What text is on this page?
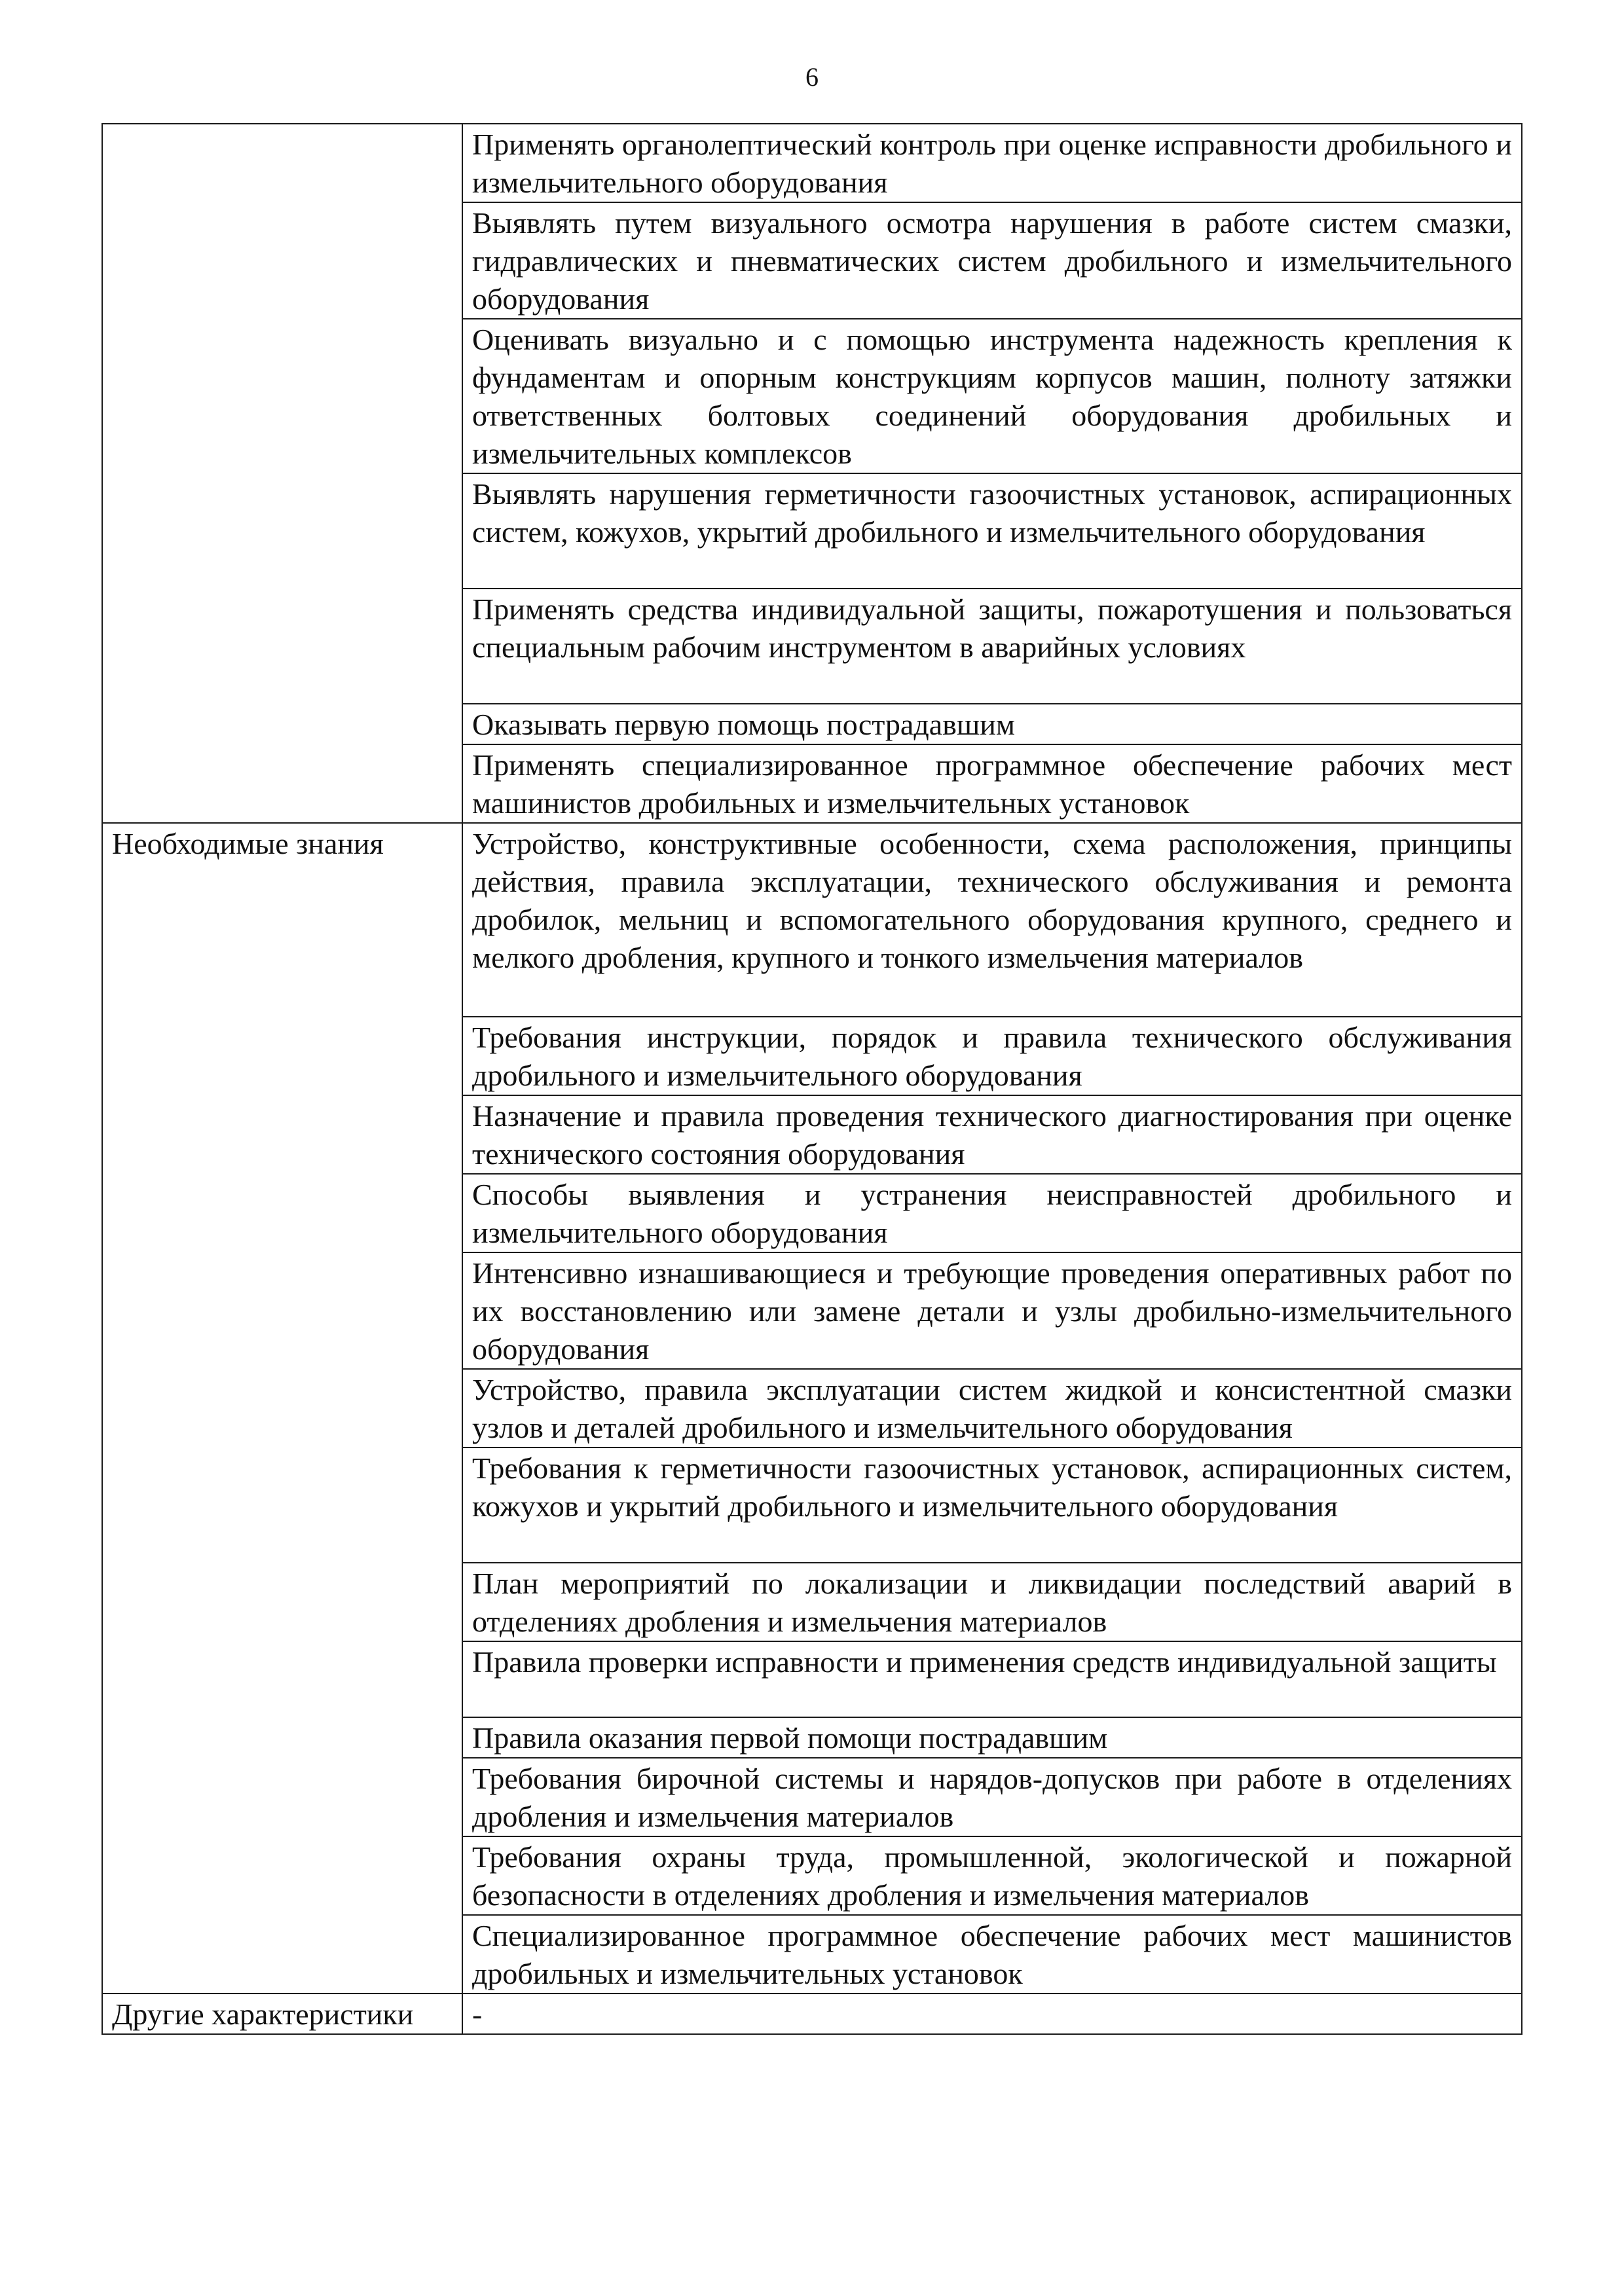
6
	Применять органолептический контроль при оценке исправности дробильного и измельчительного оборудования
	Выявлять путем визуального осмотра нарушения в работе систем смазки, гидравлических и пневматических систем дробильного и измельчительного оборудования
	Оценивать визуально и с помощью инструмента надежность крепления к фундаментам и опорным конструкциям корпусов машин, полноту затяжки ответственных болтовых соединений оборудования дробильных и измельчительных комплексов
	Выявлять нарушения герметичности газоочистных установок, аспирационных систем, кожухов, укрытий дробильного и измельчительного оборудования
	Применять средства индивидуальной защиты, пожаротушения и пользоваться специальным рабочим инструментом в аварийных условиях
	Оказывать первую помощь пострадавшим
	Применять специализированное программное обеспечение рабочих мест машинистов дробильных и измельчительных установок
Необходимые знания	Устройство, конструктивные особенности, схема расположения, принципы действия, правила эксплуатации, технического обслуживания и ремонта дробилок, мельниц и вспомогательного оборудования крупного, среднего и мелкого дробления, крупного и тонкого измельчения материалов
	Требования инструкции, порядок и правила технического обслуживания дробильного и измельчительного оборудования
	Назначение и правила проведения технического диагностирования при оценке технического состояния оборудования
	Способы выявления и устранения неисправностей дробильного и измельчительного оборудования
	Интенсивно изнашивающиеся и требующие проведения оперативных работ по их восстановлению или замене детали и узлы дробильно-измельчительного оборудования
	Устройство, правила эксплуатации систем жидкой и консистентной смазки узлов и деталей дробильного и измельчительного оборудования
	Требования к герметичности газоочистных установок, аспирационных систем, кожухов и укрытий дробильного и измельчительного оборудования
	План мероприятий по локализации и ликвидации последствий аварий в отделениях дробления и измельчения материалов
	Правила проверки исправности и применения средств индивидуальной защиты
	Правила оказания первой помощи пострадавшим
	Требования бирочной системы и нарядов-допусков при работе в отделениях дробления и измельчения материалов
	Требования охраны труда, промышленной, экологической и пожарной безопасности в отделениях дробления и измельчения материалов
	Специализированное программное обеспечение рабочих мест машинистов дробильных и измельчительных установок
Другие характеристики	-
